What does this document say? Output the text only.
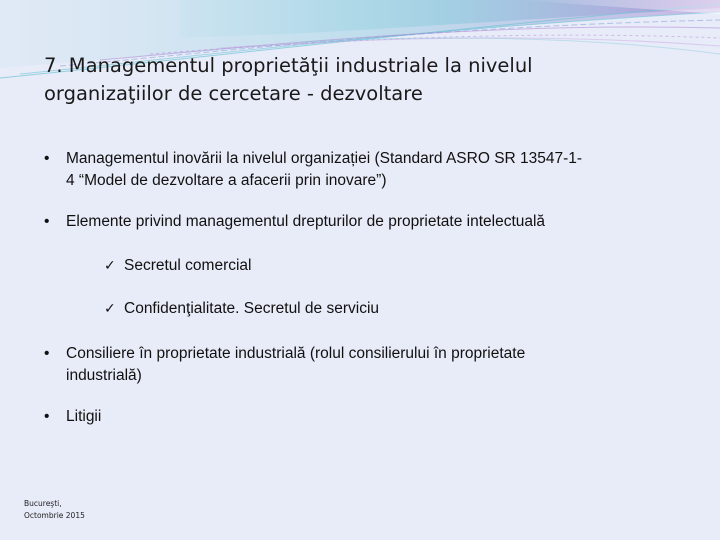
7. Managementul proprietăţii industriale la nivelul
organizaţiilor de cercetare - dezvoltare
•	Managementul inovării la nivelul organizației (Standard ASRO SR 13547-1-
4 “Model de dezvoltare a afacerii prin inovare”)
•	Elemente privind managementul drepturilor de proprietate intelectuală
✓ Secretul comercial
✓ Confidenţialitate. Secretul de serviciu
•	Consiliere în proprietate industrială (rolul consilierului în proprietate
industrială)
•	Litigii
Bucureşti,
Octombrie 2015
